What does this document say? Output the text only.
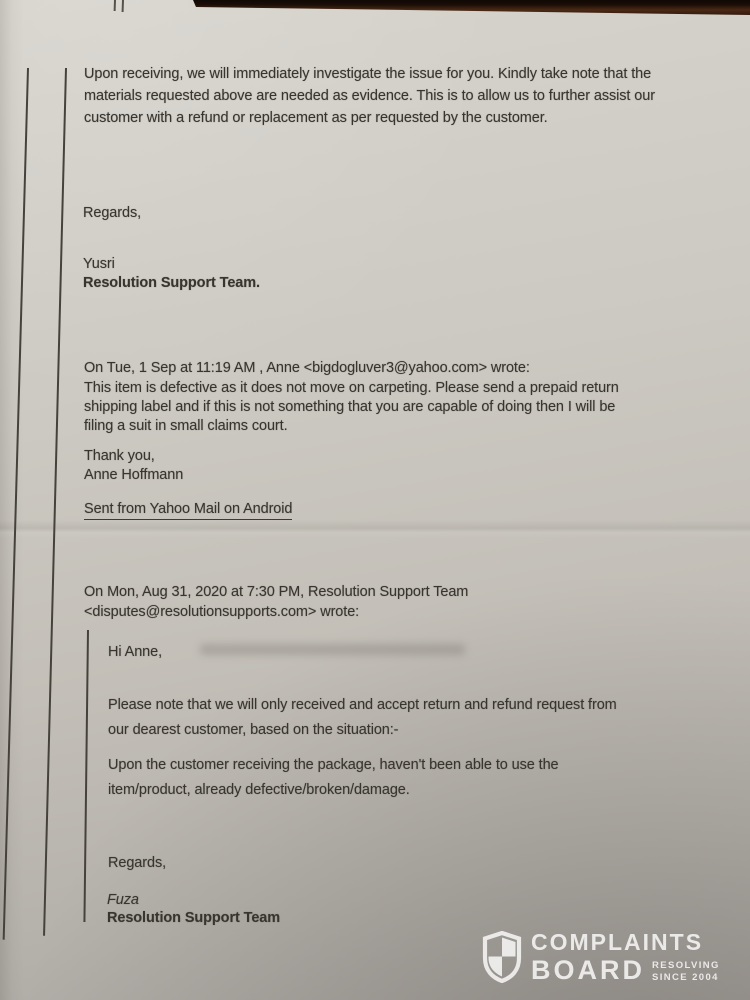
Upon receiving, we will immediately investigate the issue for you. Kindly take note that the
materials requested above are needed as evidence. This is to allow us to further assist our
customer with a refund or replacement as per requested by the customer.
Regards,
Yusri
Resolution Support Team.
On Tue, 1 Sep at 11:19 AM , Anne <bigdogluver3@yahoo.com> wrote:
This item is defective as it does not move on carpeting. Please send a prepaid return
shipping label and if this is not something that you are capable of doing then I will be
filing a suit in small claims court.
Thank you,
Anne Hoffmann
Sent from Yahoo Mail on Android
On Mon, Aug 31, 2020 at 7:30 PM, Resolution Support Team
<disputes@resolutionsupports.com> wrote:
Hi Anne,
Please note that we will only received and accept return and refund request from
our dearest customer, based on the situation:-
Upon the customer receiving the package, haven't been able to use the
item/product, already defective/broken/damage.
Regards,
Fuza
Resolution Support Team
COMPLAINTS
BOARD RESOLVING
SINCE 2004
